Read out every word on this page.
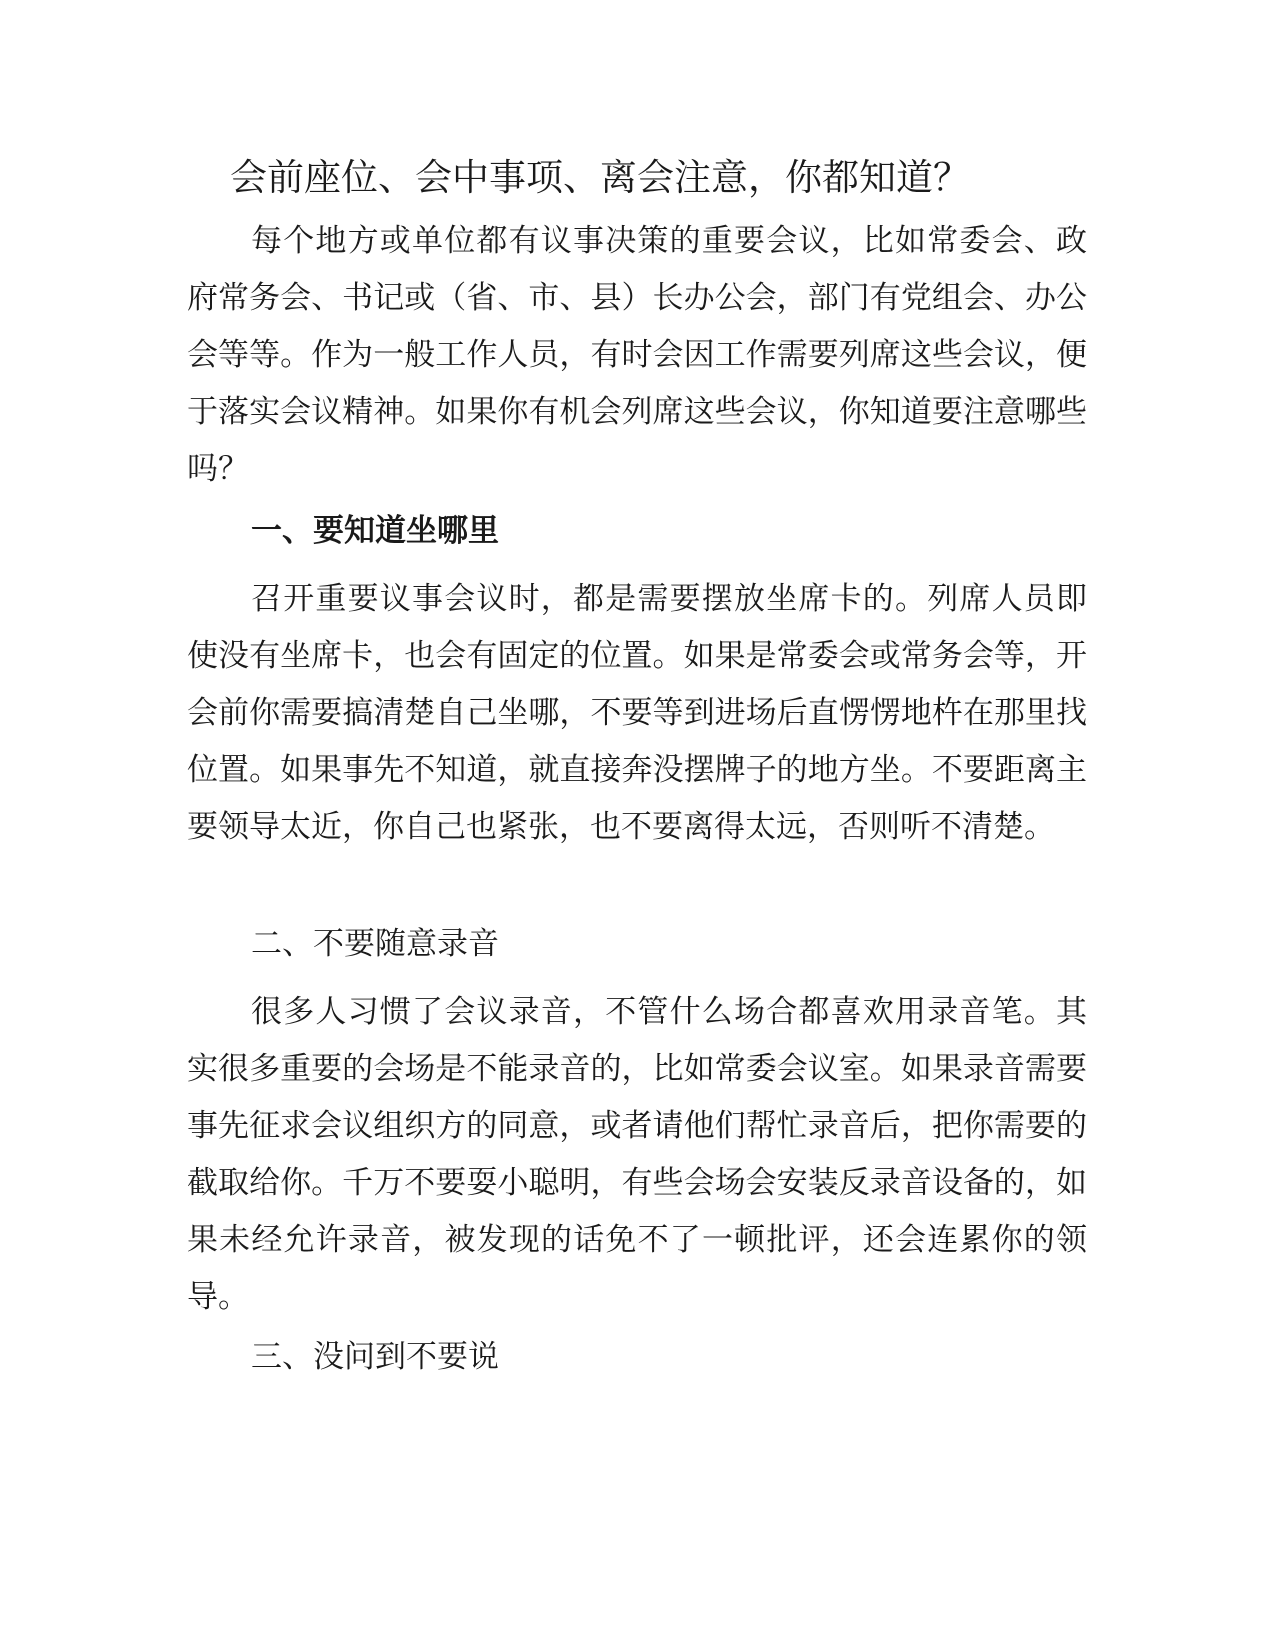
会前座位、会中事项、离会注意，你都知道？

每个地方或单位都有议事决策的重要会议，比如常委会、政府常务会、书记或（省、市、县）长办公会，部门有党组会、办公会等等。作为一般工作人员，有时会因工作需要列席这些会议，便于落实会议精神。如果你有机会列席这些会议，你知道要注意哪些吗？

一、要知道坐哪里

召开重要议事会议时，都是需要摆放坐席卡的。列席人员即使没有坐席卡，也会有固定的位置。如果是常委会或常务会等，开会前你需要搞清楚自己坐哪，不要等到进场后直愣愣地杵在那里找位置。如果事先不知道，就直接奔没摆牌子的地方坐。不要距离主要领导太近，你自己也紧张，也不要离得太远，否则听不清楚。

二、不要随意录音

很多人习惯了会议录音，不管什么场合都喜欢用录音笔。其实很多重要的会场是不能录音的，比如常委会议室。如果录音需要事先征求会议组织方的同意，或者请他们帮忙录音后，把你需要的截取给你。千万不要耍小聪明，有些会场会安装反录音设备的，如果未经允许录音，被发现的话免不了一顿批评，还会连累你的领导。

三、没问到不要说
